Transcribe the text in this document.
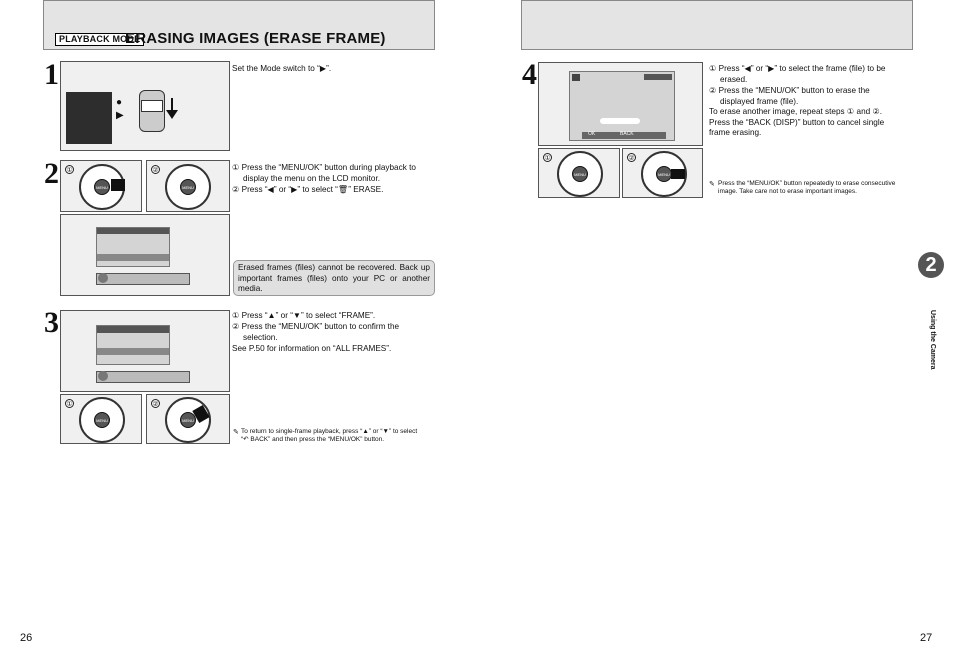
PLAYBACK MODE
ERASING IMAGES (ERASE FRAME)
1
●
▶
Set the Mode switch to “▶”.
2 ①
MENU
②
MENU
① Press the “MENU/OK” button during playback to
display the menu on the LCD monitor.
② Press “◀” or “▶” to select “🗑” ERASE.
Erased frames (files) cannot be recovered. Back up important frames (files) onto your PC or another media.
3
①
MENU
②
MENU
① Press “▲” or “▼” to select “FRAME”.
② Press the “MENU/OK” button to confirm the
selection.
See P.50 for information on “ALL FRAMES”.
✎ To return to single-frame playback, press “▲” or “▼” to select
“↶ BACK” and then press the “MENU/OK” button.
4
OK	BACK
①
MENU
②
MENU
① Press “◀” or “▶” to select the frame (file) to be
erased.
② Press the “MENU/OK” button to erase the
displayed frame (file).
To erase another image, repeat steps ① and ②.
Press the “BACK (DISP)” button to cancel single
frame erasing.
✎ Press the “MENU/OK” button repeatedly to erase consecutive
image. Take care not to erase important images.
2
Using the Camera
26	27
